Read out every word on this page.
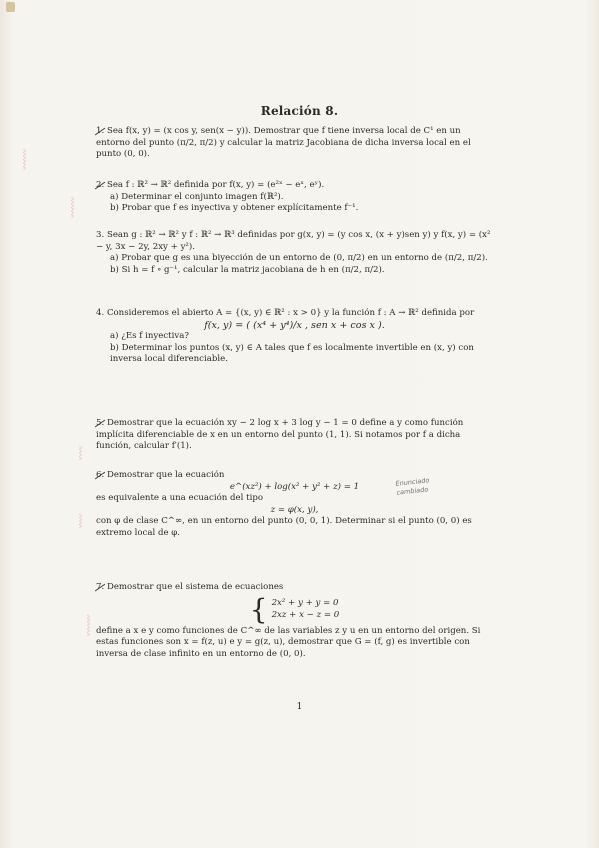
Relación 8.

1. Sea f(x, y) = (x cos y, sen(x − y)). Demostrar que f tiene inversa local de C¹ en un entorno del punto (π/2, π/2) y calcular la matriz Jacobiana de dicha inversa local en el punto (0, 0).

2. Sea f : ℝ² → ℝ² definida por f(x, y) = (e²ˣ − eˣ, eʸ).

a) Determinar el conjunto imagen f(ℝ²).

b) Probar que f es inyectiva y obtener explícitamente f⁻¹.

3. Sean g : ℝ² → ℝ² y f : ℝ² → ℝ³ definidas por g(x, y) = (y cos x, (x + y)sen y) y f(x, y) = (x² − y, 3x − 2y, 2xy + y²).

a) Probar que g es una biyección de un entorno de (0, π/2) en un entorno de (π/2, π/2).

b) Si h = f ∘ g⁻¹, calcular la matriz jacobiana de h en (π/2, π/2).

4. Consideremos el abierto A = {(x, y) ∈ ℝ² : x > 0} y la función f : A → ℝ² definida por

f(x, y) = ( (x⁴ + y⁴)/x , sen x + cos x ).

a) ¿Es f inyectiva?

b) Determinar los puntos (x, y) ∈ A tales que f es localmente invertible en (x, y) con inversa local diferenciable.

5. Demostrar que la ecuación xy − 2 log x + 3 log y − 1 = 0 define a y como función implícita diferenciable de x en un entorno del punto (1, 1). Si notamos por f a dicha función, calcular f′(1).

6. Demostrar que la ecuación

e^(xz²) + log(x² + y² + z) = 1

es equivalente a una ecuación del tipo

z = φ(x, y),

con φ de clase C^∞, en un entorno del punto (0, 0, 1). Determinar si el punto (0, 0) es extremo local de φ.

7. Demostrar que el sistema de ecuaciones

{ 2x² + y + y = 0
2xz + x − z = 0

define a x e y como funciones de C^∞ de las variables z y u en un entorno del origen. Si estas funciones son x = f(z, u) e y = g(z, u), demostrar que G = (f, g) es invertible con inversa de clase infinito en un entorno de (0, 0).

1
〰〰〰
〰〰〰
〰〰
〰〰
〰〰〰
Enunciado
cambiado
